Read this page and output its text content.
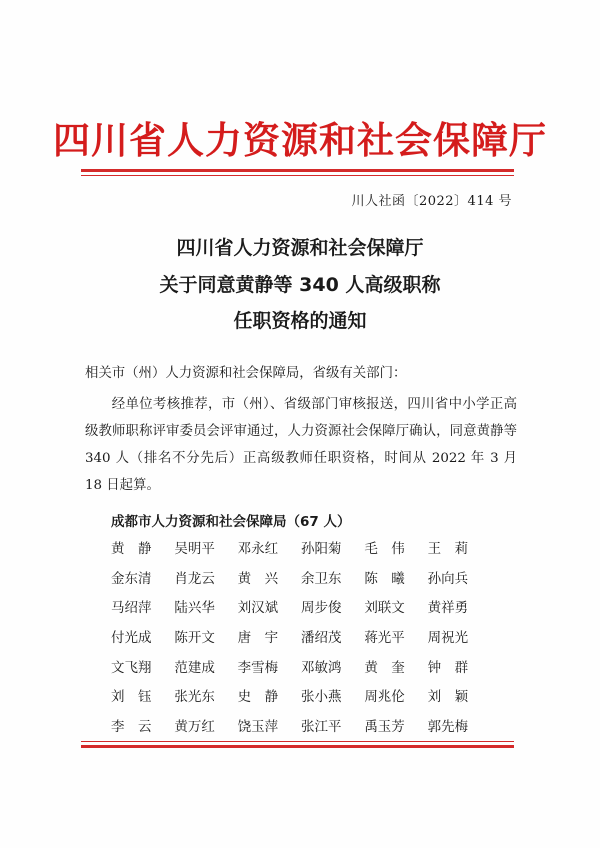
四川省人力资源和社会保障厅
川人社函〔2022〕414 号
四川省人力资源和社会保障厅
关于同意黄静等 340 人高级职称
任职资格的通知
相关市（州）人力资源和社会保障局，省级有关部门：
经单位考核推荐，市（州）、省级部门审核报送，四川省中小学正高级教师职称评审委员会评审通过，人力资源社会保障厅确认，同意黄静等 340 人（排名不分先后）正高级教师任职资格，时间从 2022 年 3 月 18 日起算。
成都市人力资源和社会保障局（67 人）
黄　静	吴明平	邓永红	孙阳菊	毛　伟	王　莉
金东清	肖龙云	黄　兴	余卫东	陈　曦	孙向兵
马绍萍	陆兴华	刘汉斌	周步俊	刘联文	黄祥勇
付光成	陈开文	唐　宇	潘绍茂	蒋光平	周祝光
文飞翔	范建成	李雪梅	邓敏鸿	黄　奎	钟　群
刘　钰	张光东	史　静	张小燕	周兆伦	刘　颖
李　云	黄万红	饶玉萍	张江平	禹玉芳	郭先梅
